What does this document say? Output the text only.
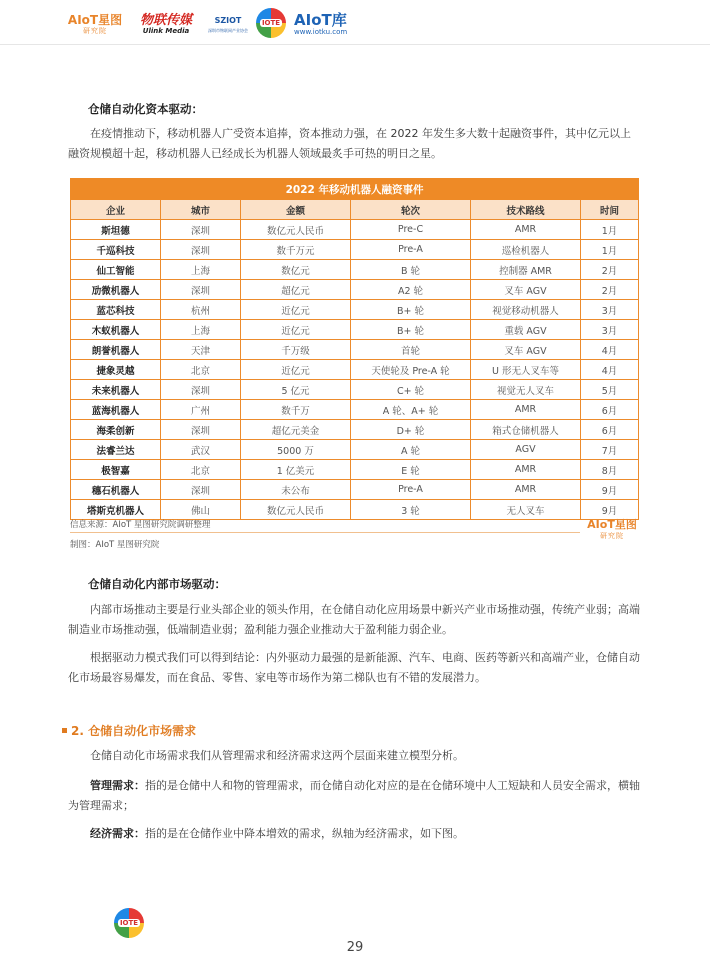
AIoT星图
研究院
物联传媒
Ulink Media
SZIOT
深圳市物联网产业协会
IOTE AIoT库
www.iotku.com
仓储自动化资本驱动：

在疫情推动下，移动机器人广受资本追捧，资本推动力强，在 2022 年发生多大数十起融资事件，其中亿元以上融资规模超十起，移动机器人已经成长为机器人领域最炙手可热的明日之星。

2022 年移动机器人融资事件					
企业	城市	金额	轮次	技术路线	时间
斯坦德	深圳	数亿元人民币	Pre-C	AMR	1月
千巡科技	深圳	数千万元	Pre-A	巡检机器人	1月
仙工智能	上海	数亿元	B 轮	控制器 AMR	2月
劢微机器人	深圳	超亿元	A2 轮	叉车 AGV	2月
蓝芯科技	杭州	近亿元	B+ 轮	视觉移动机器人	3月
木蚁机器人	上海	近亿元	B+ 轮	重载 AGV	3月
朗誉机器人	天津	千万级	首轮	叉车 AGV	4月
捷象灵越	北京	近亿元	天使轮及 Pre-A 轮	U 形无人叉车等	4月
未来机器人	深圳	5 亿元	C+ 轮	视觉无人叉车	5月
蓝海机器人	广州	数千万	A 轮、A+ 轮	AMR	6月
海柔创新	深圳	超亿元美金	D+ 轮	箱式仓储机器人	6月
法睿兰达	武汉	5000 万	A 轮	AGV	7月
极智嘉	北京	1 亿美元	E 轮	AMR	8月
穗石机器人	深圳	未公布	Pre-A	AMR	9月
塔斯克机器人	佛山	数亿元人民币	3 轮	无人叉车	9月
信息来源：AIoT 星图研究院调研整理	AIoT星图
研究院
制图：AIoT 星图研究院
仓储自动化内部市场驱动：

内部市场推动主要是行业头部企业的领头作用，在仓储自动化应用场景中新兴产业市场推动强，传统产业弱；高端制造业市场推动强，低端制造业弱；盈利能力强企业推动大于盈利能力弱企业。

根据驱动力模式我们可以得到结论：内外驱动力最强的是新能源、汽车、电商、医药等新兴和高端产业，仓储自动化市场最容易爆发，而在食品、零售、家电等市场作为第二梯队也有不错的发展潜力。

2. 仓储自动化市场需求

仓储自动化市场需求我们从管理需求和经济需求这两个层面来建立模型分析。

管理需求：指的是仓储中人和物的管理需求，而仓储自动化对应的是在仓储环境中人工短缺和人员安全需求，横轴为管理需求；

经济需求：指的是在仓储作业中降本增效的需求，纵轴为经济需求，如下图。

IOTE
29
